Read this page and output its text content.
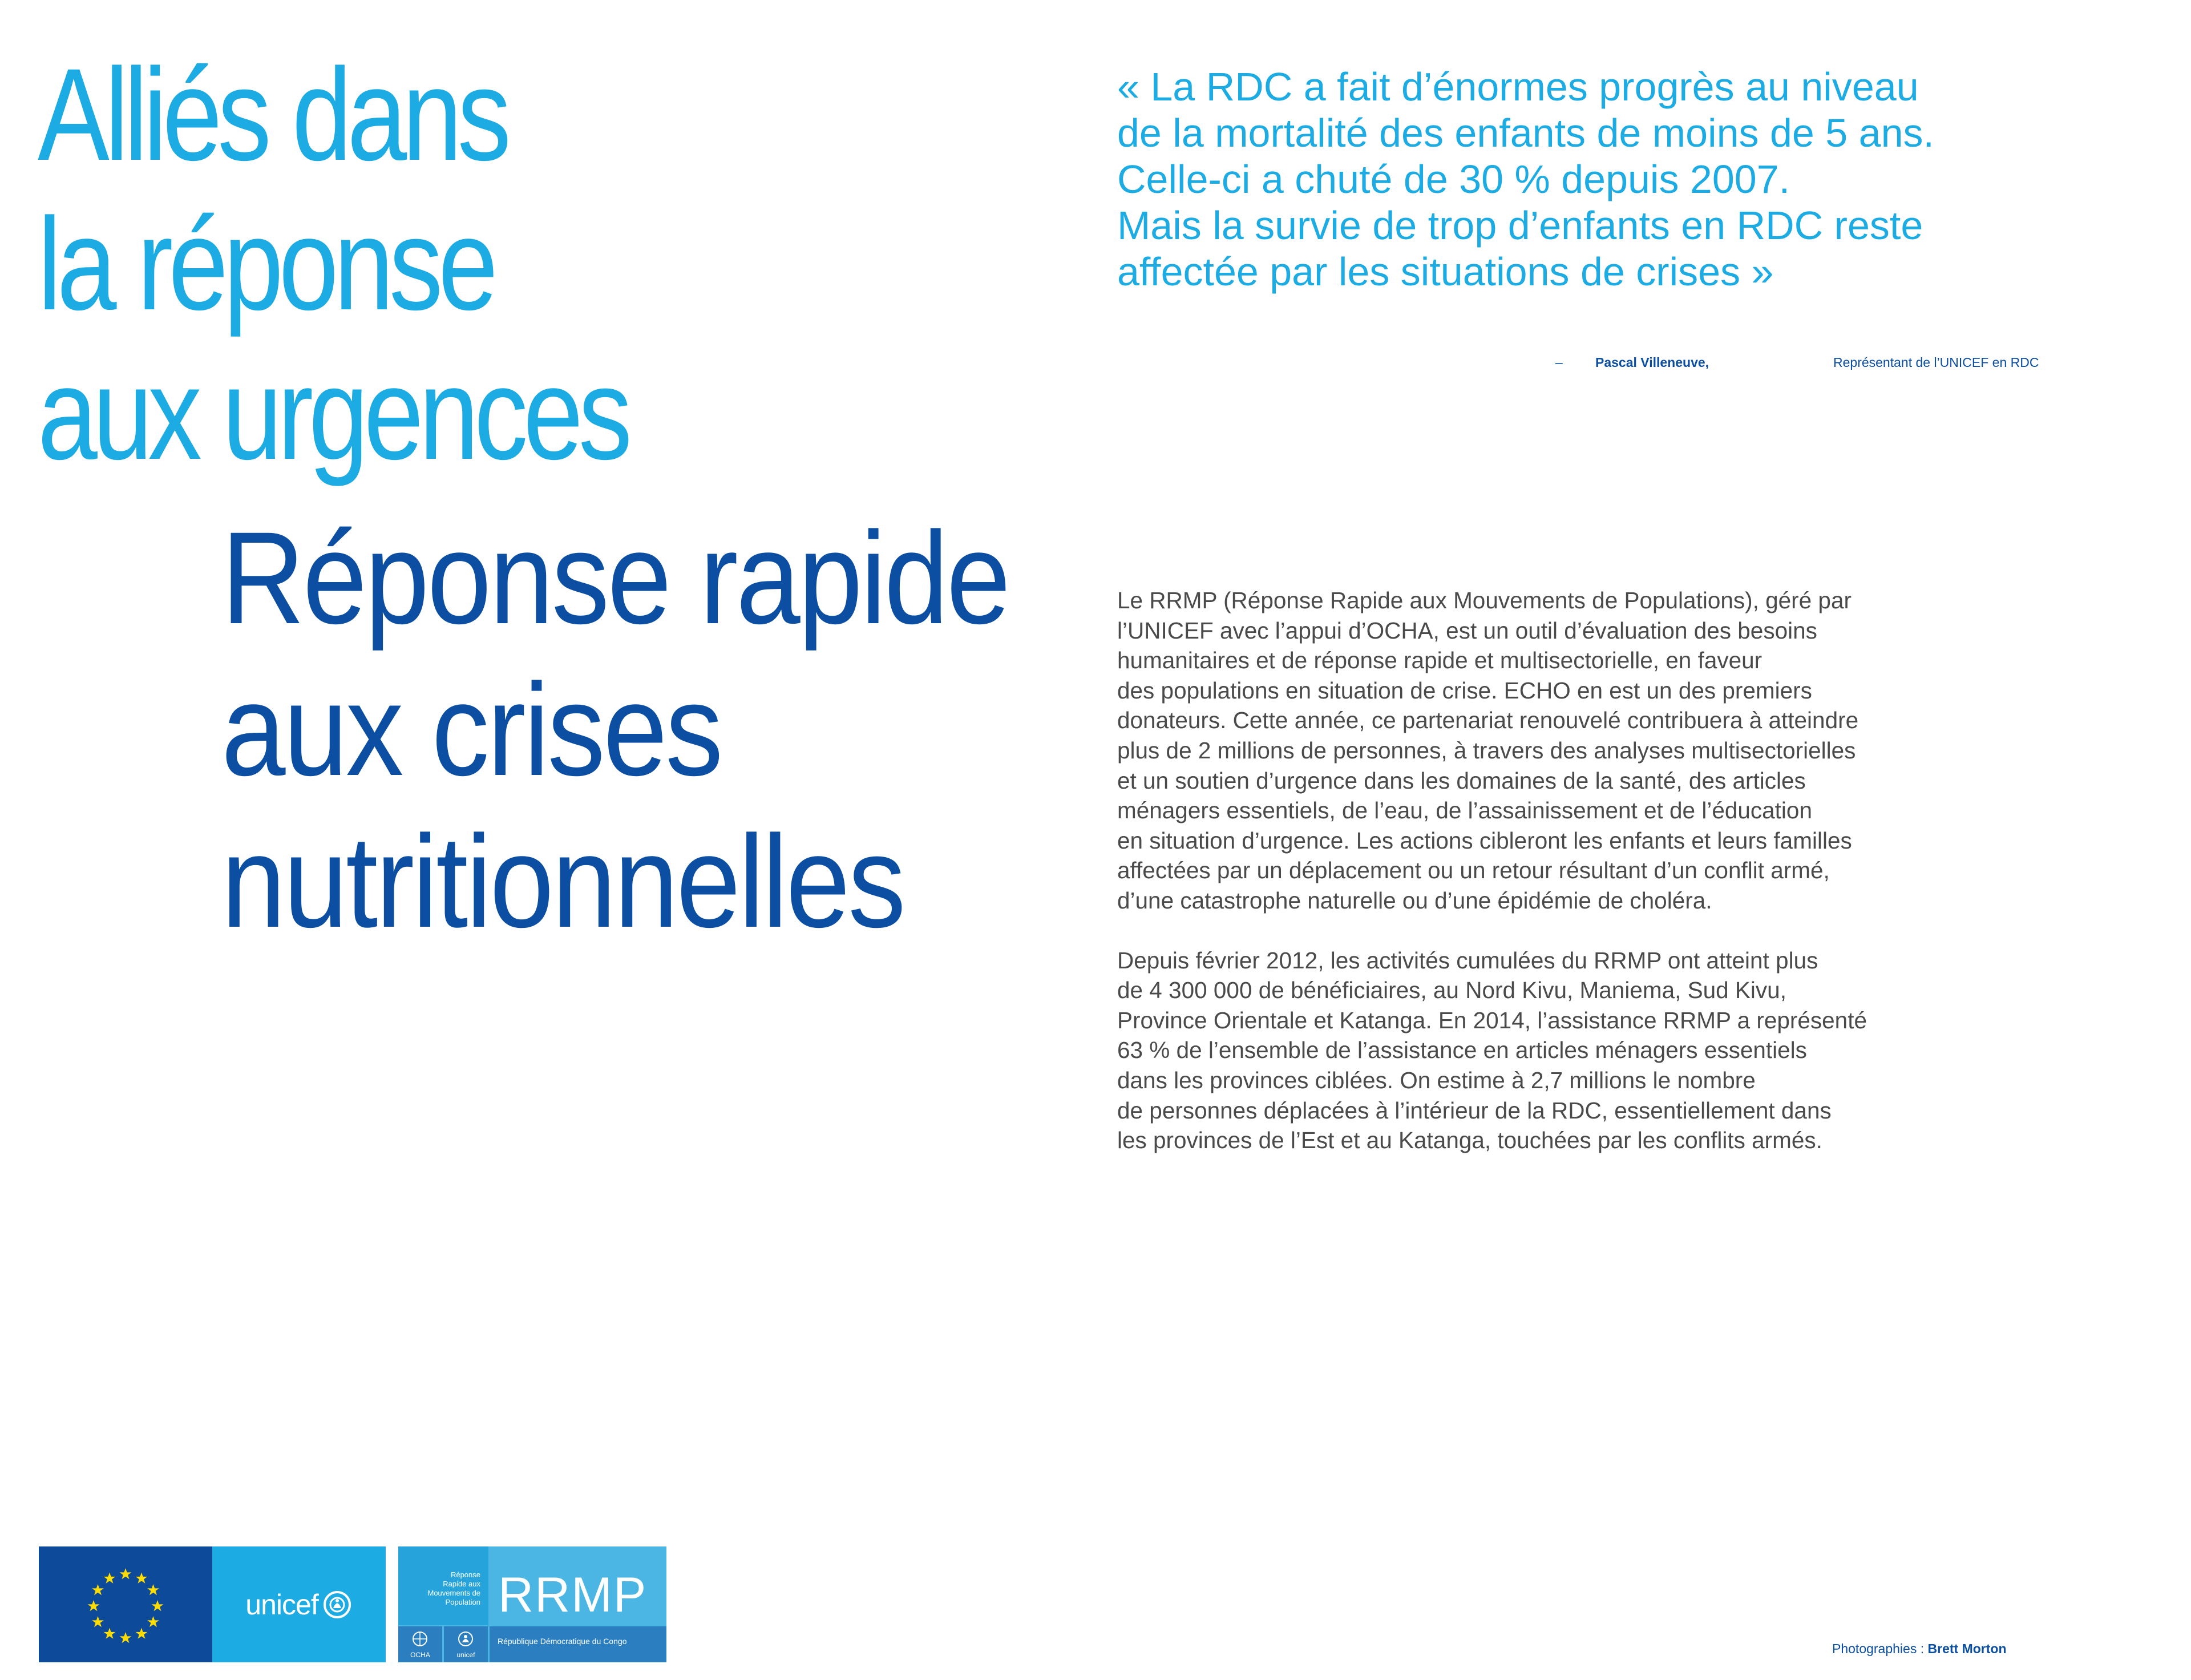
Alliés dans
la réponse
aux urgences
Réponse rapide
aux crises
nutritionnelles
« La RDC a fait d’énormes progrès au niveau
de la mortalité des enfants de moins de 5 ans.
Celle-ci a chuté de 30 % depuis 2007.
Mais la survie de trop d’enfants en RDC reste
affectée par les situations de crises »
– Pascal Villeneuve,	Représentant de l’UNICEF en RDC
Le RRMP (Réponse Rapide aux Mouvements de Populations), géré par
l’UNICEF avec l’appui d’OCHA, est un outil d’évaluation des besoins
humanitaires et de réponse rapide et multisectorielle, en faveur
des populations en situation de crise. ECHO en est un des premiers
donateurs. Cette année, ce partenariat renouvelé contribuera à atteindre
plus de 2 millions de personnes, à travers des analyses multisectorielles
et un soutien d’urgence dans les domaines de la santé, des articles
ménagers essentiels, de l’eau, de l’assainissement et de l’éducation
en situation d’urgence. Les actions cibleront les enfants et leurs familles
affectées par un déplacement ou un retour résultant d’un conflit armé,
d’une catastrophe naturelle ou d’une épidémie de choléra.
Depuis février 2012, les activités cumulées du RRMP ont atteint plus
de 4 300 000 de bénéficiaires, au Nord Kivu, Maniema, Sud Kivu,
Province Orientale et Katanga. En 2014, l’assistance RRMP a représenté
63 % de l’ensemble de l’assistance en articles ménagers essentiels
dans les provinces ciblées. On estime à 2,7 millions le nombre
de personnes déplacées à l’intérieur de la RDC, essentiellement dans
les provinces de l’Est et au Katanga, touchées par les conflits armés.
unicef
Réponse
Rapide aux
Mouvements de
Population RRMP
OCHA	unicef
République Démocratique du Congo	Photographies : Brett Morton
